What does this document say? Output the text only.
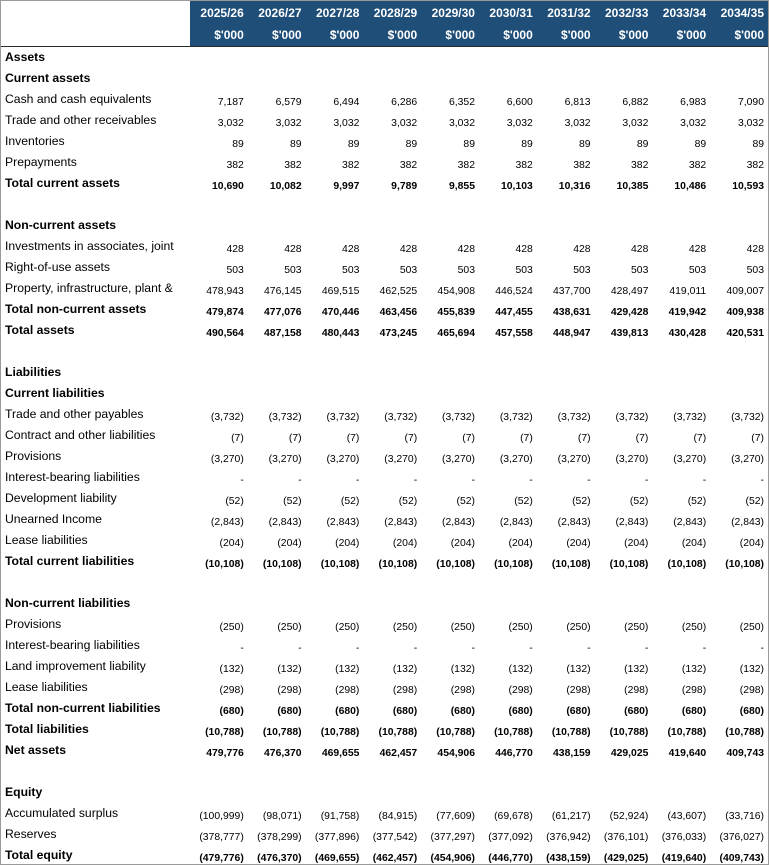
	2025/26	2026/27	2027/28	2028/29	2029/30	2030/31	2031/32	2032/33	2033/34	2034/35
	$'000	$'000	$'000	$'000	$'000	$'000	$'000	$'000	$'000	$'000
Assets										
Current assets										
Cash and cash equivalents	7,187	6,579	6,494	6,286	6,352	6,600	6,813	6,882	6,983	7,090
Trade and other receivables	3,032	3,032	3,032	3,032	3,032	3,032	3,032	3,032	3,032	3,032
Inventories	89	89	89	89	89	89	89	89	89	89
Prepayments	382	382	382	382	382	382	382	382	382	382
Total current assets	10,690	10,082	9,997	9,789	9,855	10,103	10,316	10,385	10,486	10,593

Non-current assets										
Investments in associates, joint	428	428	428	428	428	428	428	428	428	428
Right-of-use assets	503	503	503	503	503	503	503	503	503	503
Property, infrastructure, plant &	478,943	476,145	469,515	462,525	454,908	446,524	437,700	428,497	419,011	409,007
Total non-current assets	479,874	477,076	470,446	463,456	455,839	447,455	438,631	429,428	419,942	409,938
Total assets	490,564	487,158	480,443	473,245	465,694	457,558	448,947	439,813	430,428	420,531

Liabilities										
Current liabilities										
Trade and other payables	(3,732)	(3,732)	(3,732)	(3,732)	(3,732)	(3,732)	(3,732)	(3,732)	(3,732)	(3,732)
Contract and other liabilities	(7)	(7)	(7)	(7)	(7)	(7)	(7)	(7)	(7)	(7)
Provisions	(3,270)	(3,270)	(3,270)	(3,270)	(3,270)	(3,270)	(3,270)	(3,270)	(3,270)	(3,270)
Interest-bearing liabilities	-	-	-	-	-	-	-	-	-	-
Development liability	(52)	(52)	(52)	(52)	(52)	(52)	(52)	(52)	(52)	(52)
Unearned Income	(2,843)	(2,843)	(2,843)	(2,843)	(2,843)	(2,843)	(2,843)	(2,843)	(2,843)	(2,843)
Lease liabilities	(204)	(204)	(204)	(204)	(204)	(204)	(204)	(204)	(204)	(204)
Total current liabilities	(10,108)	(10,108)	(10,108)	(10,108)	(10,108)	(10,108)	(10,108)	(10,108)	(10,108)	(10,108)

Non-current liabilities										
Provisions	(250)	(250)	(250)	(250)	(250)	(250)	(250)	(250)	(250)	(250)
Interest-bearing liabilities	-	-	-	-	-	-	-	-	-	-
Land improvement liability	(132)	(132)	(132)	(132)	(132)	(132)	(132)	(132)	(132)	(132)
Lease liabilities	(298)	(298)	(298)	(298)	(298)	(298)	(298)	(298)	(298)	(298)
Total non-current liabilities	(680)	(680)	(680)	(680)	(680)	(680)	(680)	(680)	(680)	(680)
Total liabilities	(10,788)	(10,788)	(10,788)	(10,788)	(10,788)	(10,788)	(10,788)	(10,788)	(10,788)	(10,788)
Net assets	479,776	476,370	469,655	462,457	454,906	446,770	438,159	429,025	419,640	409,743

Equity										
Accumulated surplus	(100,999)	(98,071)	(91,758)	(84,915)	(77,609)	(69,678)	(61,217)	(52,924)	(43,607)	(33,716)
Reserves	(378,777)	(378,299)	(377,896)	(377,542)	(377,297)	(377,092)	(376,942)	(376,101)	(376,033)	(376,027)
Total equity	(479,776)	(476,370)	(469,655)	(462,457)	(454,906)	(446,770)	(438,159)	(429,025)	(419,640)	(409,743)
